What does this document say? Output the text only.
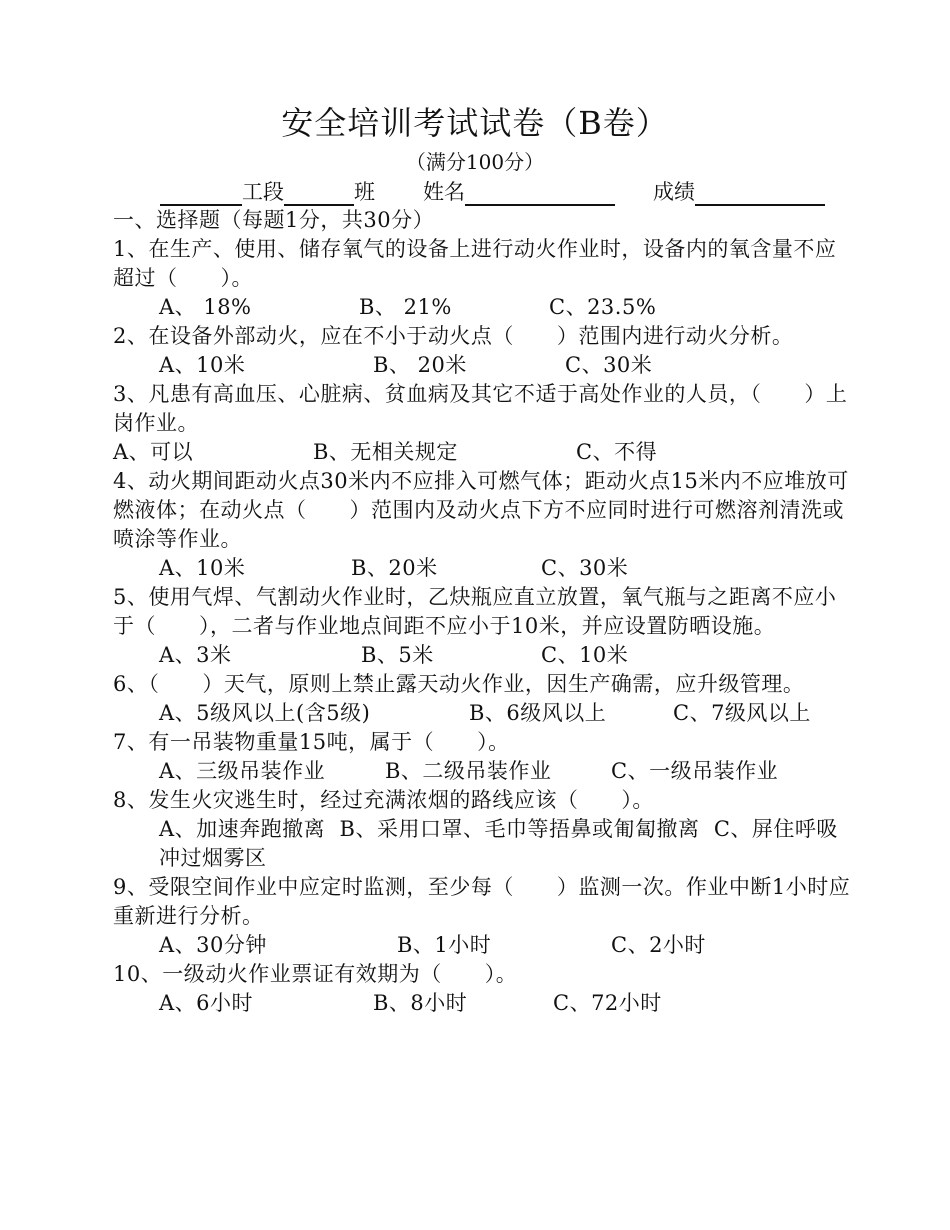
安全培训考试试卷（B卷）
（满分100分）
工段	班 姓名	成绩

一、选择题（每题1分，共30分）

1、在生产、使用、储存氧气的设备上进行动火作业时，设备内的氧含量不应超过（　　）。

A、 18%	B、 21%	C、23.5%

2、在设备外部动火，应在不小于动火点（　　）范围内进行动火分析。

A、10米	B、 20米	C、30米

3、凡患有高血压、心脏病、贫血病及其它不适于高处作业的人员，（　　）上岗作业。

A、可以	B、无相关规定	C、不得

4、动火期间距动火点30米内不应排入可燃气体；距动火点15米内不应堆放可燃液体；在动火点（　　）范围内及动火点下方不应同时进行可燃溶剂清洗或喷涂等作业。

A、10米	B、20米	C、30米

5、使用气焊、气割动火作业时，乙炔瓶应直立放置，氧气瓶与之距离不应小于（　　），二者与作业地点间距不应小于10米，并应设置防晒设施。

A、3米	B、5米	C、10米

6、（　　）天气，原则上禁止露天动火作业，因生产确需，应升级管理。

A、5级风以上(含5级)	B、6级风以上	C、7级风以上

7、有一吊装物重量15吨，属于（　　）。

A、三级吊装作业	B、二级吊装作业	C、一级吊装作业

8、发生火灾逃生时，经过充满浓烟的路线应该（　　）。

A、加速奔跑撤离 B、采用口罩、毛巾等捂鼻或匍匐撤离 C、屏住呼吸冲过烟雾区

9、受限空间作业中应定时监测，至少每（　　）监测一次。作业中断1小时应重新进行分析。

A、30分钟	B、1小时	C、2小时

10、一级动火作业票证有效期为（　　）。

A、6小时	B、8小时	C、72小时
